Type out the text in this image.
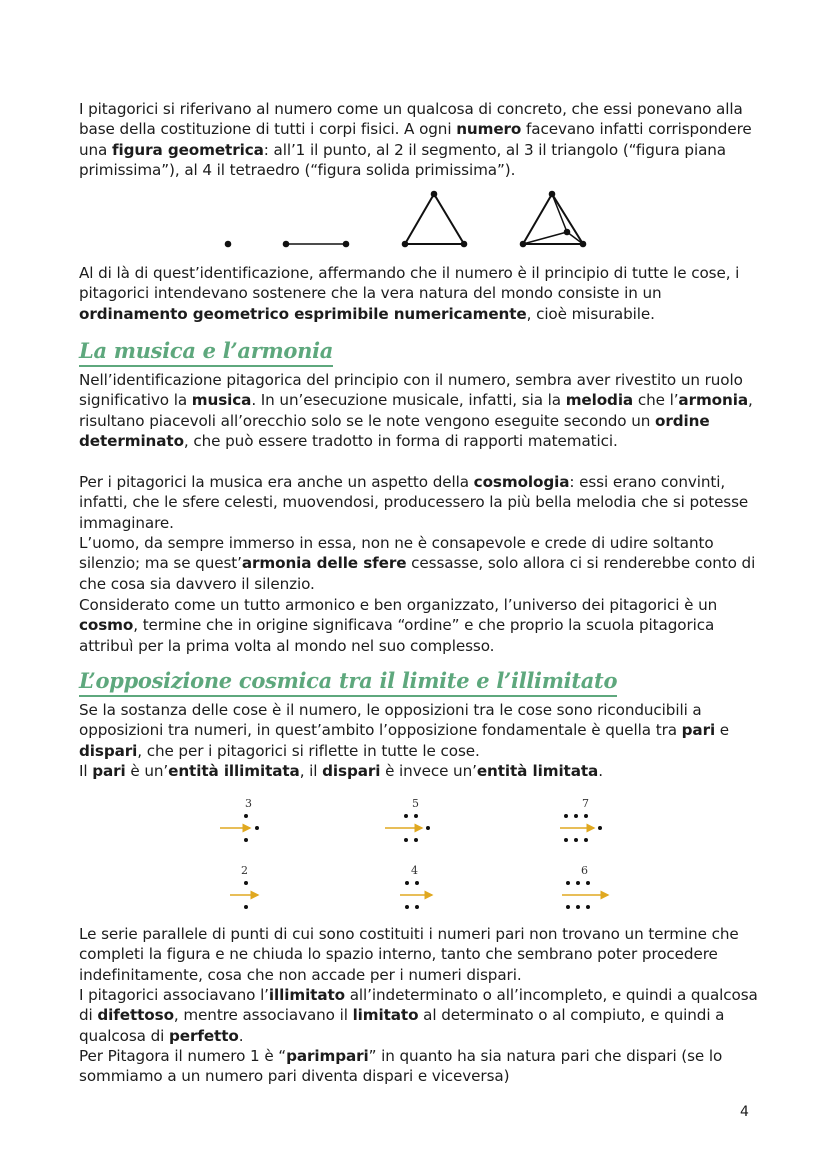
I pitagorici si riferivano al numero come un qualcosa di concreto, che essi ponevano alla base della costituzione di tutti i corpi fisici. A ogni numero facevano infatti corrispondere una figura geometrica: all’1 il punto, al 2 il segmento, al 3 il triangolo (“figura piana primissima”), al 4 il tetraedro (“figura solida primissima”).

Al di là di quest’identificazione, affermando che il numero è il principio di tutte le cose, i pitagorici intendevano sostenere che la vera natura del mondo consiste in un ordinamento geometrico esprimibile numericamente, cioè misurabile.

La musica e l’armonia

Nell’identificazione pitagorica del principio con il numero, sembra aver rivestito un ruolo significativo la musica. In un’esecuzione musicale, infatti, sia la melodia che l’armonia, risultano piacevoli all’orecchio solo se le note vengono eseguite secondo un ordine determinato, che può essere tradotto in forma di rapporti matematici.

Per i pitagorici la musica era anche un aspetto della cosmologia: essi erano convinti, infatti, che le sfere celesti, muovendosi, producessero la più bella melodia che si potesse immaginare.

L’uomo, da sempre immerso in essa, non ne è consapevole e crede di udire soltanto silenzio; ma se quest’armonia delle sfere cessasse, solo allora ci si renderebbe conto di che cosa sia davvero il silenzio.

Considerato come un tutto armonico e ben organizzato, l’universo dei pitagorici è un cosmo, termine che in origine significava “ordine” e che proprio la scuola pitagorica attribuì per la prima volta al mondo nel suo complesso.

L’opposizione cosmica tra il limite e l’illimitato

Se la sostanza delle cose è il numero, le opposizioni tra le cose sono riconducibili a opposizioni tra numeri, in quest’ambito l’opposizione fondamentale è quella tra pari e dispari, che per i pitagorici si riflette in tutte le cose.

Il pari è un’entità illimitata, il dispari è invece un’entità limitata.

3	5	7
2	4	6

Le serie parallele di punti di cui sono costituiti i numeri pari non trovano un termine che completi la figura e ne chiuda lo spazio interno, tanto che sembrano poter procedere indefinitamente, cosa che non accade per i numeri dispari.

I pitagorici associavano l’illimitato all’indeterminato o all’incompleto, e quindi a qualcosa di difettoso, mentre associavano il limitato al determinato o al compiuto, e quindi a qualcosa di perfetto.

Per Pitagora il numero 1 è “parimpari” in quanto ha sia natura pari che dispari (se lo sommiamo a un numero pari diventa dispari e viceversa)

4
